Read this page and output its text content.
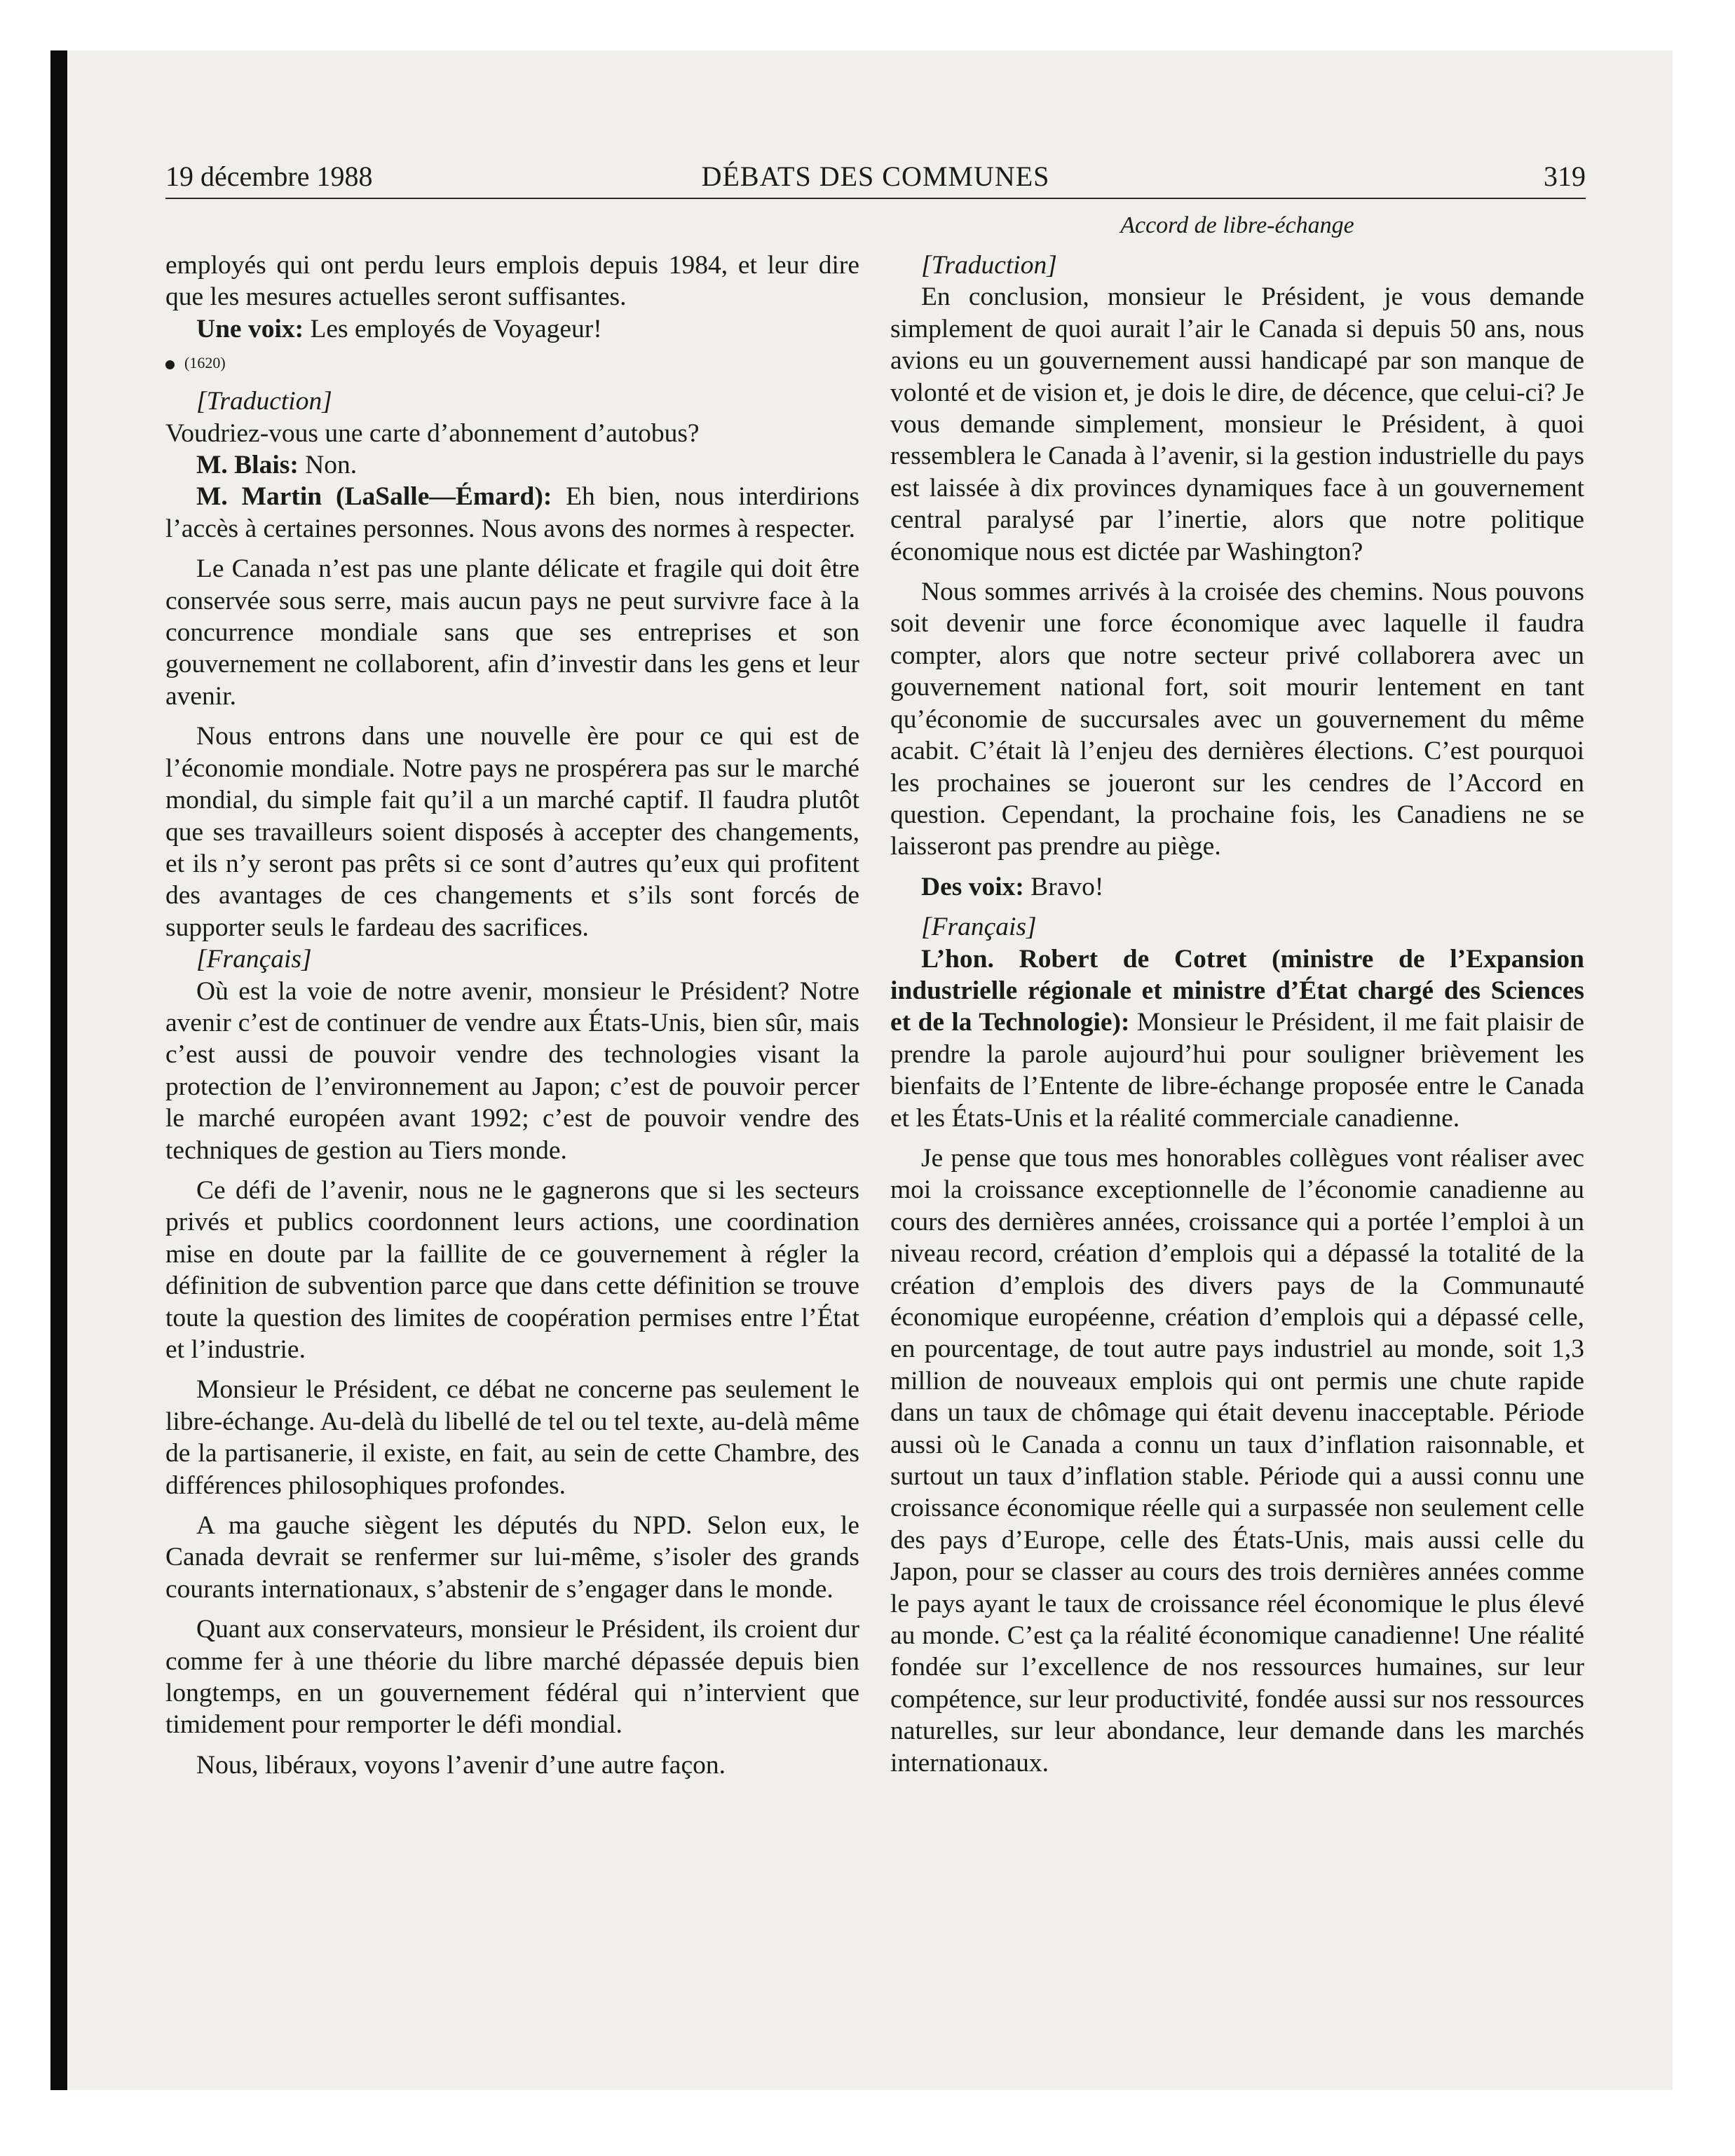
19 décembre 1988	DÉBATS DES COMMUNES	319
Accord de libre-échange

employés qui ont perdu leurs emplois depuis 1984, et leur dire que les mesures actuelles seront suffisantes.

Une voix: Les employés de Voyageur!

(1620)

[Traduction]

Voudriez-vous une carte d’abonnement d’autobus?

M. Blais: Non.

M. Martin (LaSalle—Émard): Eh bien, nous interdirions l’accès à certaines personnes. Nous avons des normes à respecter.

Le Canada n’est pas une plante délicate et fragile qui doit être conservée sous serre, mais aucun pays ne peut survivre face à la concurrence mondiale sans que ses entreprises et son gouvernement ne collaborent, afin d’investir dans les gens et leur avenir.

Nous entrons dans une nouvelle ère pour ce qui est de l’économie mondiale. Notre pays ne prospérera pas sur le marché mondial, du simple fait qu’il a un marché captif. Il faudra plutôt que ses travailleurs soient disposés à accepter des changements, et ils n’y seront pas prêts si ce sont d’autres qu’eux qui profitent des avantages de ces changements et s’ils sont forcés de supporter seuls le fardeau des sacrifices.

[Français]

Où est la voie de notre avenir, monsieur le Président? Notre avenir c’est de continuer de vendre aux États-Unis, bien sûr, mais c’est aussi de pouvoir vendre des technologies visant la protection de l’environnement au Japon; c’est de pouvoir percer le marché européen avant 1992; c’est de pouvoir vendre des techniques de gestion au Tiers monde.

Ce défi de l’avenir, nous ne le gagnerons que si les secteurs privés et publics coordonnent leurs actions, une coordination mise en doute par la faillite de ce gouvernement à régler la définition de subvention parce que dans cette définition se trouve toute la question des limites de coopération permises entre l’État et l’industrie.

Monsieur le Président, ce débat ne concerne pas seulement le libre-échange. Au-delà du libellé de tel ou tel texte, au-delà même de la partisanerie, il existe, en fait, au sein de cette Chambre, des différences philosophiques profondes.

A ma gauche siègent les députés du NPD. Selon eux, le Canada devrait se renfermer sur lui-même, s’isoler des grands courants internationaux, s’abstenir de s’engager dans le monde.

Quant aux conservateurs, monsieur le Président, ils croient dur comme fer à une théorie du libre marché dépassée depuis bien longtemps, en un gouvernement fédéral qui n’intervient que timidement pour remporter le défi mondial.

Nous, libéraux, voyons l’avenir d’une autre façon.

[Traduction]

En conclusion, monsieur le Président, je vous demande simplement de quoi aurait l’air le Canada si depuis 50 ans, nous avions eu un gouvernement aussi handicapé par son manque de volonté et de vision et, je dois le dire, de décence, que celui-ci? Je vous demande simplement, monsieur le Président, à quoi ressemblera le Canada à l’avenir, si la gestion industrielle du pays est laissée à dix provinces dynamiques face à un gouvernement central paralysé par l’inertie, alors que notre politique économique nous est dictée par Washington?

Nous sommes arrivés à la croisée des chemins. Nous pouvons soit devenir une force économique avec laquelle il faudra compter, alors que notre secteur privé collaborera avec un gouvernement national fort, soit mourir lentement en tant qu’économie de succursales avec un gouvernement du même acabit. C’était là l’enjeu des dernières élections. C’est pourquoi les prochaines se joueront sur les cendres de l’Accord en question. Cependant, la prochaine fois, les Canadiens ne se laisseront pas prendre au piège.

Des voix: Bravo!

[Français]

L’hon. Robert de Cotret (ministre de l’Expansion industrielle régionale et ministre d’État chargé des Sciences et de la Technologie): Monsieur le Président, il me fait plaisir de prendre la parole aujourd’hui pour souligner brièvement les bienfaits de l’Entente de libre-échange proposée entre le Canada et les États-Unis et la réalité commerciale canadienne.

Je pense que tous mes honorables collègues vont réaliser avec moi la croissance exceptionnelle de l’économie canadienne au cours des dernières années, croissance qui a portée l’emploi à un niveau record, création d’emplois qui a dépassé la totalité de la création d’emplois des divers pays de la Communauté économique européenne, création d’emplois qui a dépassé celle, en pourcentage, de tout autre pays industriel au monde, soit 1,3 million de nouveaux emplois qui ont permis une chute rapide dans un taux de chômage qui était devenu inacceptable. Période aussi où le Canada a connu un taux d’inflation raisonnable, et surtout un taux d’inflation stable. Période qui a aussi connu une croissance économique réelle qui a surpassée non seulement celle des pays d’Europe, celle des États-Unis, mais aussi celle du Japon, pour se classer au cours des trois dernières années comme le pays ayant le taux de croissance réel économique le plus élevé au monde. C’est ça la réalité économique canadienne! Une réalité fondée sur l’excellence de nos ressources humaines, sur leur compétence, sur leur productivité, fondée aussi sur nos ressources naturelles, sur leur abondance, leur demande dans les marchés internationaux.
